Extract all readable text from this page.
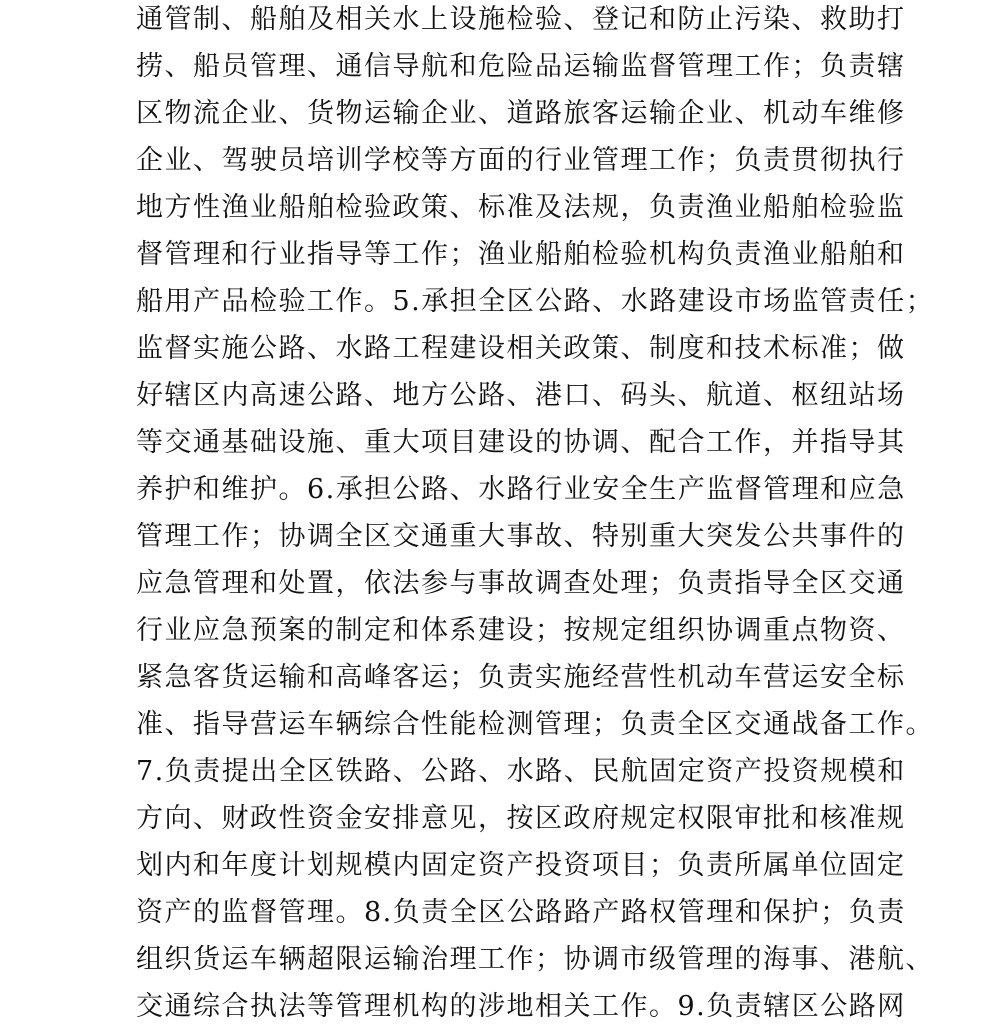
通管制、船舶及相关水上设施检验、登记和防止污染、救助打
捞、船员管理、通信导航和危险品运输监督管理工作；负责辖
区物流企业、货物运输企业、道路旅客运输企业、机动车维修
企业、驾驶员培训学校等方面的行业管理工作；负责贯彻执行
地方性渔业船舶检验政策、标准及法规，负责渔业船舶检验监
督管理和行业指导等工作；渔业船舶检验机构负责渔业船舶和
船用产品检验工作。5.承担全区公路、水路建设市场监管责任；
监督实施公路、水路工程建设相关政策、制度和技术标准；做
好辖区内高速公路、地方公路、港口、码头、航道、枢纽站场
等交通基础设施、重大项目建设的协调、配合工作，并指导其
养护和维护。6.承担公路、水路行业安全生产监督管理和应急
管理工作；协调全区交通重大事故、特别重大突发公共事件的
应急管理和处置，依法参与事故调查处理；负责指导全区交通
行业应急预案的制定和体系建设；按规定组织协调重点物资、
紧急客货运输和高峰客运；负责实施经营性机动车营运安全标
准、指导营运车辆综合性能检测管理；负责全区交通战备工作。
7.负责提出全区铁路、公路、水路、民航固定资产投资规模和
方向、财政性资金安排意见，按区政府规定权限审批和核准规
划内和年度计划规模内固定资产投资项目；负责所属单位固定
资产的监督管理。8.负责全区公路路产路权管理和保护；负责
组织货运车辆超限运输治理工作；协调市级管理的海事、港航、
交通综合执法等管理机构的涉地相关工作。9.负责辖区公路网
